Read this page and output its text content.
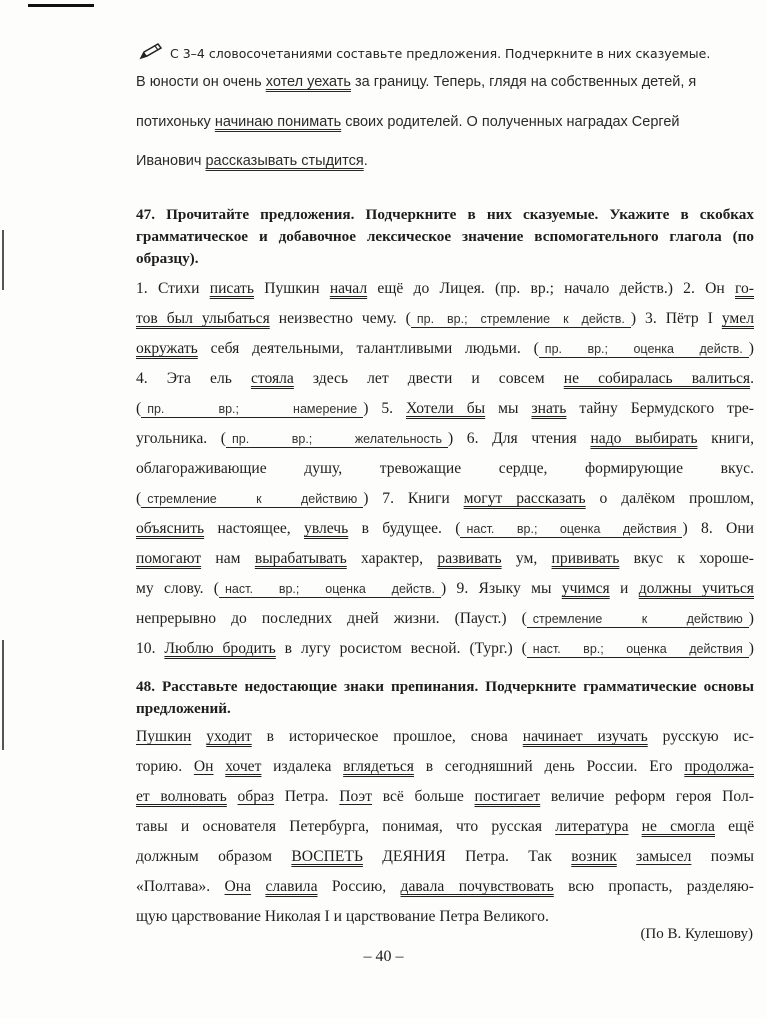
С 3–4 словосочетаниями составьте предложения. Подчеркните в них сказуемые.
В юности он очень хотел уехать за границу. Теперь, глядя на собственных детей, я
потихоньку начинаю понимать своих родителей. О полученных наградах Сергей
Иванович рассказывать стыдится.
47. Прочитайте предложения. Подчеркните в них сказуемые. Укажите в скобках грамматическое и добавочное лексическое значение вспомогательного глагола (по образцу).
1. Стихи писать Пушкин начал ещё до Лицея. (пр. вр.; начало действ.) 2. Он го-
тов был улыбаться неизвестно чему. ( пр. вр.; стремление к действ. ) 3. Пётр I умел
окружать себя деятельными, талантливыми людьми. ( пр. вр.; оценка действ. )
4. Эта ель стояла здесь лет двести и совсем не собиралась валиться.
( пр. вр.; намерение ) 5. Хотели бы мы знать тайну Бермудского тре-
угольника. ( пр. вр.; желательность ) 6. Для чтения надо выбирать книги,
облагораживающие душу, тревожащие сердце, формирующие вкус.
( стремление к действию ) 7. Книги могут рассказать о далёком прошлом,
объяснить настоящее, увлечь в будущее. ( наст. вр.; оценка действия ) 8. Они
помогают нам вырабатывать характер, развивать ум, прививать вкус к хороше-
му слову. ( наст. вр.; оценка действ. ) 9. Языку мы учимся и должны учиться
непрерывно до последних дней жизни. (Пауст.) ( стремление к действию )
10. Люблю бродить в лугу росистом весной. (Тург.) ( наст. вр.; оценка действия )
48. Расставьте недостающие знаки препинания. Подчеркните грамматические основы предложений.
Пушкин уходит в историческое прошлое, снова начинает изучать русскую ис-
торию. Он хочет издалека вглядеться в сегодняшний день России. Его продолжа-
ет волновать образ Петра. Поэт всё больше постигает величие реформ героя Пол-
тавы и основателя Петербурга, понимая, что русская литература не смогла ещё
должным образом ВОСПЕТЬ ДЕЯНИЯ Петра. Так возник замысел поэмы
«Полтава». Она славила Россию, давала почувствовать всю пропасть, разделяю-
щую царствование Николая I и царствование Петра Великого.
(По В. Кулешову)
– 40 –
